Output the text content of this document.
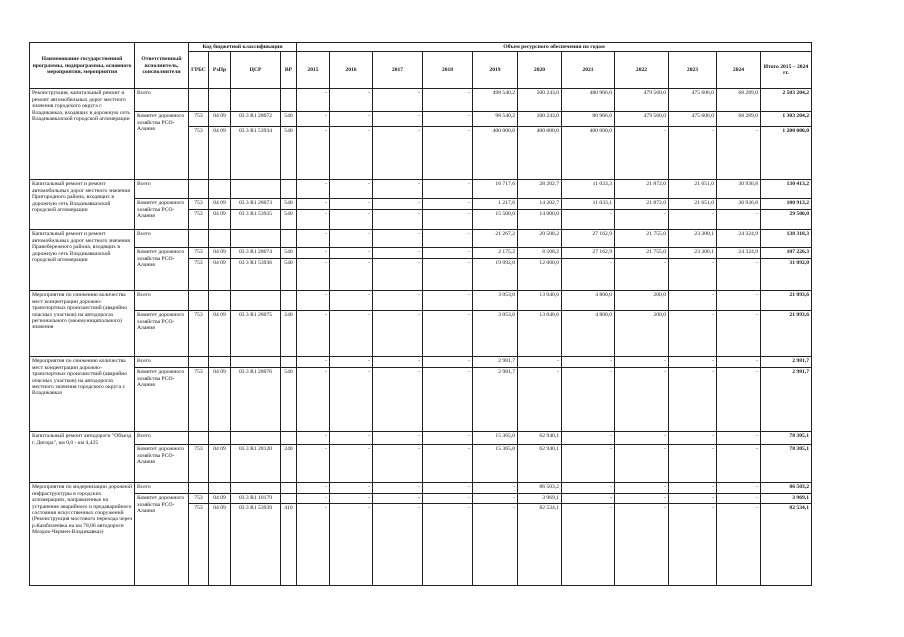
Наименование государственной программы, подпрограммы, основного мероприятия, мероприятия	Ответственный исполнитель, соисполнители	Код бюджетной классификации				Объем ресурсного обеспечения по годам										
		ГРБС	РзПр	ЦСР	ВР	2015	2016	2017	2018	2019	2020	2021	2022	2023	2024	Итого 2015 – 2024 гг.
Реконструкция, капитальный ремонт и ремонт автомобильных дорог местного значения городского округа г. Владикавказ, входящих в дорожную сеть Владикавказской городской агломерации	Всего					-	-	-	-	498 540,2	500 243,0	480 966,0	479 560,0	475 606,0	68 289,0	2 503 204,2
	Комитет дорожного хозяйства РСО-Алания	753	04 09	03 3 R1 28072	540	-	-	-	-	98 540,2	100 243,0	80 966,0	479 560,0	475 606,0	68 289,0	1 303 204,2
		753	04 09	03 3 R1 53934	540	-	-	-	-	400 000,0	400 000,0	400 000,0	-	-	-	1 200 000,0
Капитальный ремонт и ремонт автомобильных дорог местного значения Пригородного района, входящих в дорожную сеть Владикавказской городской агломерации	Всего					-	-	-	-	16 717,6	28 202,7	11 033,3	21 872,0	21 651,0	30 936,8	130 413,2
	Комитет дорожного хозяйства РСО-Алания	753	04 09	03 3 R1 28073	540	-	-	-	-	1 217,6	14 202,7	11 033,1	21 872,0	21 651,0	30 936,8	100 913,2
		753	04 09	03 3 R1 53935	540	-	-	-	-	15 500,0	14 000,0	-	-	-	-	29 500,0
Капитальный ремонт и ремонт автомобильных дорог местного значения Правобережного района, входящих в дорожную сеть Владикавказской городской агломерации	Всего					-	-	-	-	21 267,2	20 508,2	27 162,9	21 755,0	23 300,1	24 324,9	138 318,3
	Комитет дорожного хозяйства РСО-Алания	753	04 09	03 3 R1 28074	540	-	-	-	-	2 175,2	8 508,2	27 162,9	21 755,0	23 300,1	24 324,9	107 226,3
		753	04 09	03 3 R1 53936	540	-	-	-	-	19 092,0	12 000,0	-	-	-	-	31 092,0
Мероприятия по снижению количества мест концентрации дорожно-транспортных происшествий (аварийно опасных участков) на автодорогах регионального (межмуниципального) значения	Всего					-	-	-	-	3 053,0	13 040,6	4 800,0	200,0	-	-	21 093,6
	Комитет дорожного хозяйства РСО-Алания	753	04 09	03 3 R1 28075	240	-	-	-	-	3 053,0	13 040,6	4 800,0	200,0	-	-	21 093,6
Мероприятия по снижению количества мест концентрации дорожно-транспортных происшествий (аварийно опасных участков) на автодорогах местного значения городского округа г. Владикавказ	Всего					-	-	-	-	2 981,7	-	-	-	-	-	2 981,7
	Комитет дорожного хозяйства РСО-Алания	753	04 09	03 3 R1 28076	540	-	-	-	-	2 981,7	-	-	-	-	-	2 981,7
Капитальный ремонт автодороги "Объезд г. Дигора", км 0,0 - км 4,425	Всего					-	-	-	-	15 365,0	62 940,1	-	-	-	-	78 305,1
	Комитет дорожного хозяйства РСО-Алания	753	04 09	03 3 R1 28120	240	-	-	-	-	15 365,0	62 940,1	-	-	-	-	78 305,1
Мероприятия по модернизации дорожной инфраструктуры в городских агломерациях, направленные на устранение аварийного и предаварийного состояния искусственных сооружений (Реконструкция мостового перехода через р.Камбилеевка на км 78,06 автодороги Моздок-Чермен-Владикавказ)	Всего					-	-	-	-	-	86 503,2	-	-	-	-	86 503,2
	Комитет дорожного хозяйства РСО-Алания	753	04 09	03 3 R1 10179		-	-	-	-	-	3 969,1	-	-	-	-	3 969,1
		753	04 09	03 3 R1 53939	410	-	-	-	-	-	82 534,1	-	-	-	-	82 534,1
